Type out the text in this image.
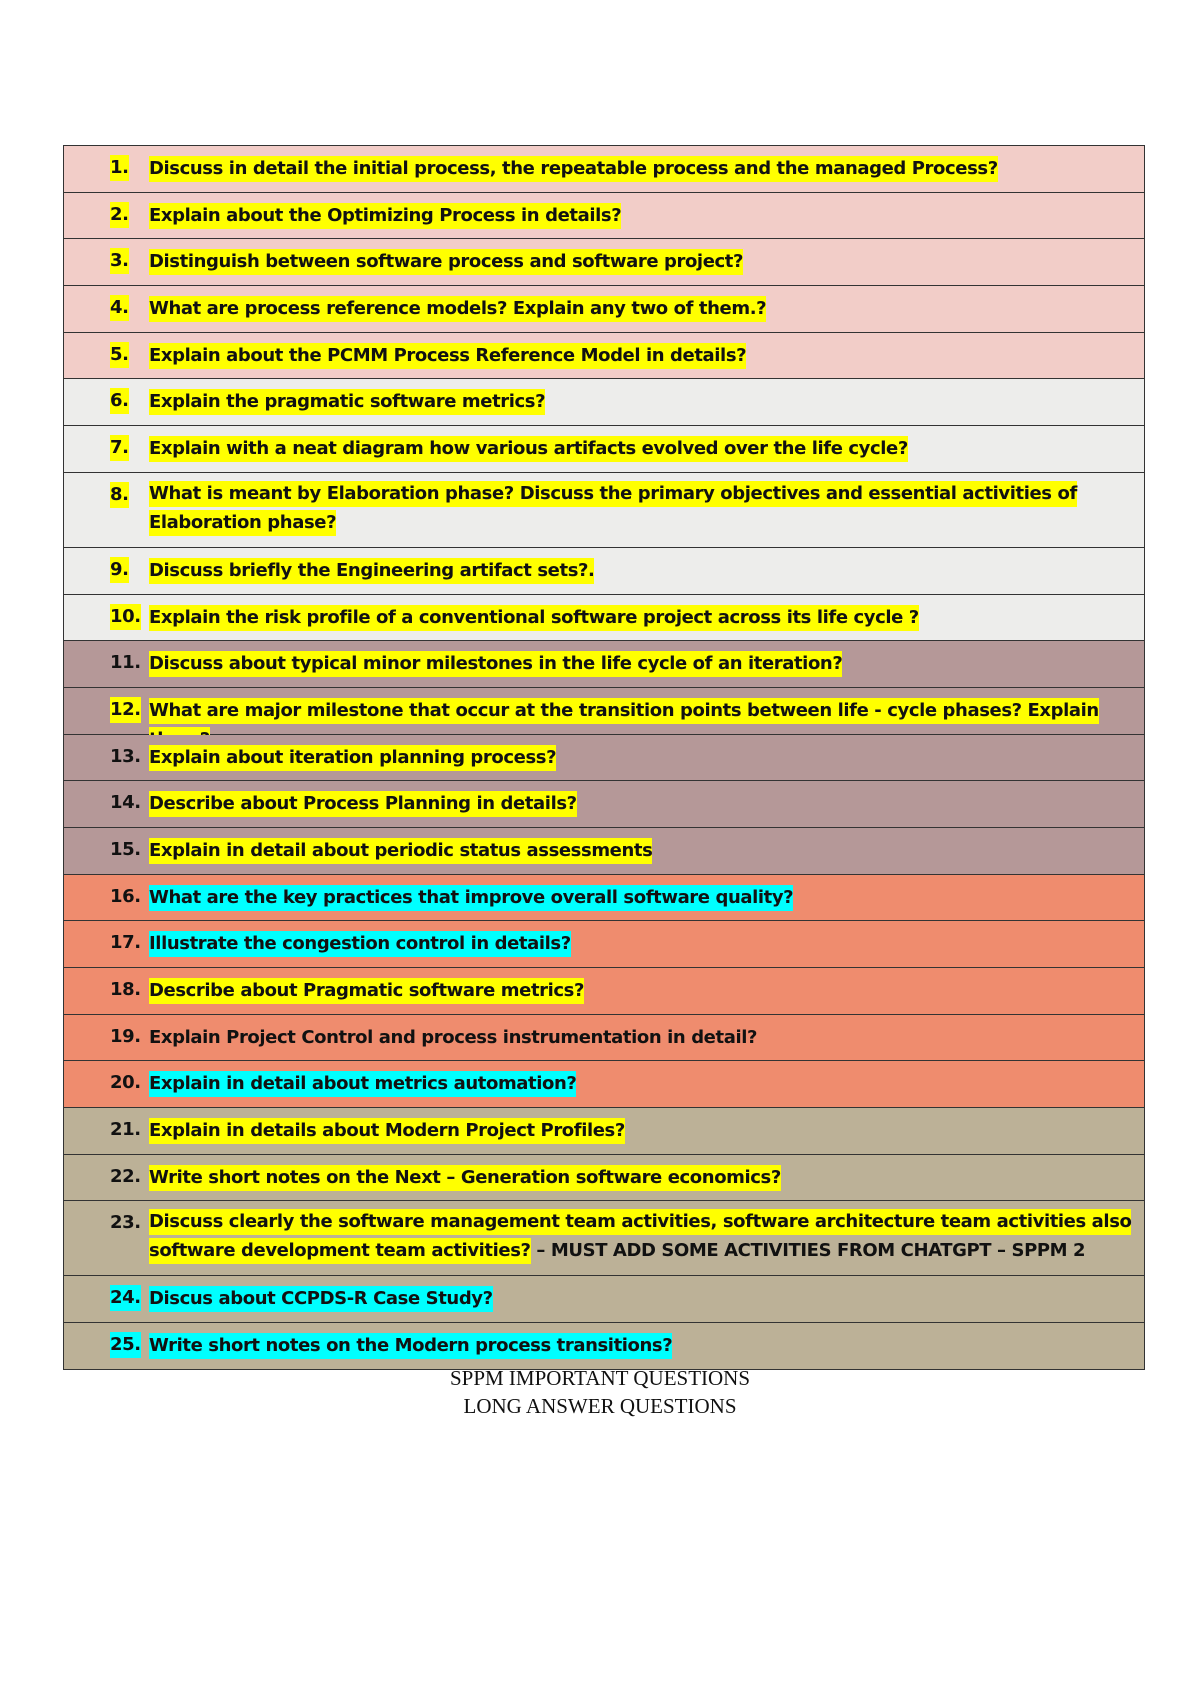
1.	Discuss in detail the initial process, the repeatable process and the managed Process?
2.	Explain about the Optimizing Process in details?
3.	Distinguish between software process and software project?
4.	What are process reference models? Explain any two of them.?
5.	Explain about the PCMM Process Reference Model in details?
6.	Explain the pragmatic software metrics?
7.	Explain with a neat diagram how various artifacts evolved over the life cycle?
8.	What is meant by Elaboration phase? Discuss the primary objectives and essential activities of Elaboration phase?
9.	Discuss briefly the Engineering artifact sets?.
10. Explain the risk profile of a conventional software project across its life cycle ?
11. Discuss about typical minor milestones in the life cycle of an iteration?
12. What are major milestone that occur at the transition points between life - cycle phases? Explain
13. Explain about iteration planning process?
14. Describe about Process Planning in details?
15. Explain in detail about periodic status assessments
16. What are the key practices that improve overall software quality?
17. Illustrate the congestion control in details?
18. Describe about Pragmatic software metrics?
19. Explain Project Control and process instrumentation in detail?
20. Explain in detail about metrics automation?
21. Explain in details about Modern Project Profiles?
22. Write short notes on the Next – Generation software economics?
23. Discuss clearly the software management team activities, software architecture team activities also software development team activities? – MUST ADD SOME ACTIVITIES FROM CHATGPT – SPPM 2
24. Discus about CCPDS-R Case Study?
25. Write short notes on the Modern process transitions?
SPPM IMPORTANT QUESTIONS
LONG ANSWER QUESTIONS
